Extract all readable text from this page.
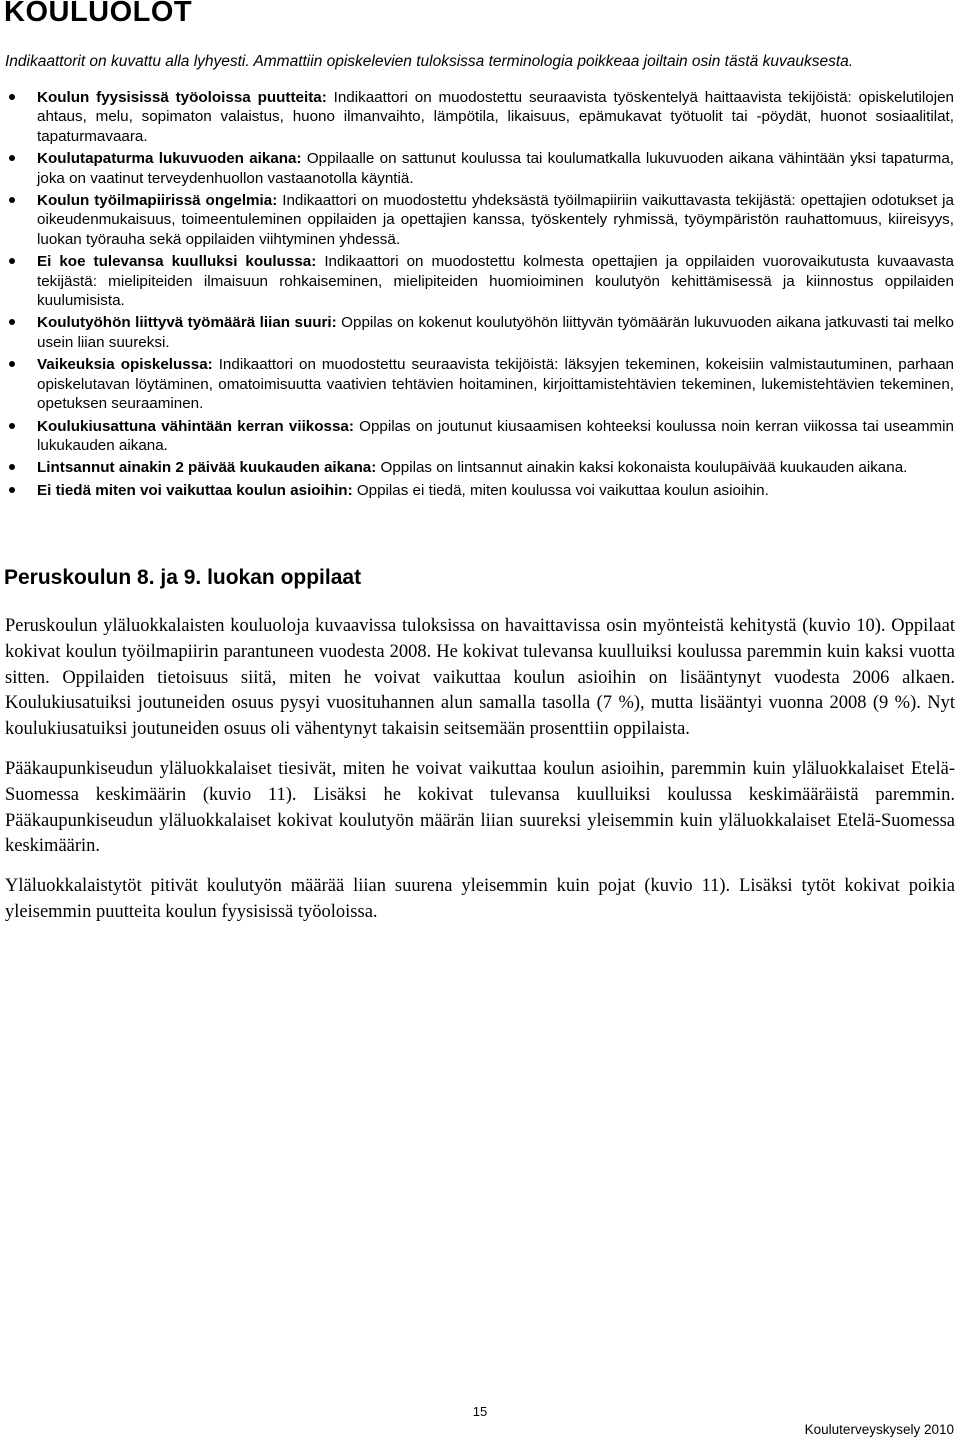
KOULUOLOT

Indikaattorit on kuvattu alla lyhyesti. Ammattiin opiskelevien tuloksissa terminologia poikkeaa joiltain osin tästä kuvauksesta.

Koulun fyysisissä työoloissa puutteita: Indikaattori on muodostettu seuraavista työskentelyä haittaavista tekijöistä: opiskelutilojen ahtaus, melu, sopimaton valaistus, huono ilmanvaihto, lämpötila, likaisuus, epämukavat työtuolit tai -pöydät, huonot sosiaalitilat, tapaturmavaara.
Koulutapaturma lukuvuoden aikana: Oppilaalle on sattunut koulussa tai koulumatkalla lukuvuoden aikana vähintään yksi tapaturma, joka on vaatinut terveydenhuollon vastaanotolla käyntiä.
Koulun työilmapiirissä ongelmia: Indikaattori on muodostettu yhdeksästä työilmapiiriin vaikuttavasta tekijästä: opettajien odotukset ja oikeudenmukaisuus, toimeentuleminen oppilaiden ja opettajien kanssa, työskentely ryhmissä, työympäristön rauhattomuus, kiireisyys, luokan työrauha sekä oppilaiden viihtyminen yhdessä.
Ei koe tulevansa kuulluksi koulussa: Indikaattori on muodostettu kolmesta opettajien ja oppilaiden vuorovaikutusta kuvaavasta tekijästä: mielipiteiden ilmaisuun rohkaiseminen, mielipiteiden huomioiminen koulutyön kehittämisessä ja kiinnostus oppilaiden kuulumisista.
Koulutyöhön liittyvä työmäärä liian suuri: Oppilas on kokenut koulutyöhön liittyvän työmäärän lukuvuoden aikana jatkuvasti tai melko usein liian suureksi.
Vaikeuksia opiskelussa: Indikaattori on muodostettu seuraavista tekijöistä: läksyjen tekeminen, kokeisiin valmistautuminen, parhaan opiskelutavan löytäminen, omatoimisuutta vaativien tehtävien hoitaminen, kirjoittamistehtävien tekeminen, lukemistehtävien tekeminen, opetuksen seuraaminen.
Koulukiusattuna vähintään kerran viikossa: Oppilas on joutunut kiusaamisen kohteeksi koulussa noin kerran viikossa tai useammin lukukauden aikana.
Lintsannut ainakin 2 päivää kuukauden aikana: Oppilas on lintsannut ainakin kaksi kokonaista koulupäivää kuukauden aikana.
Ei tiedä miten voi vaikuttaa koulun asioihin: Oppilas ei tiedä, miten koulussa voi vaikuttaa koulun asioihin.
Peruskoulun 8. ja 9. luokan oppilaat

Peruskoulun yläluokkalaisten kouluoloja kuvaavissa tuloksissa on havaittavissa osin myönteistä kehitystä (kuvio 10). Oppilaat kokivat koulun työilmapiirin parantuneen vuodesta 2008. He kokivat tulevansa kuulluiksi koulussa paremmin kuin kaksi vuotta sitten. Oppilaiden tietoisuus siitä, miten he voivat vaikuttaa koulun asioihin on lisääntynyt vuodesta 2006 alkaen. Koulukiusatuiksi joutuneiden osuus pysyi vuosituhannen alun samalla tasolla (7 %), mutta lisääntyi vuonna 2008 (9 %). Nyt koulukiusatuiksi joutuneiden osuus oli vähentynyt takaisin seitsemään prosenttiin oppilaista.

Pääkaupunkiseudun yläluokkalaiset tiesivät, miten he voivat vaikuttaa koulun asioihin, paremmin kuin yläluokkalaiset Etelä-Suomessa keskimäärin (kuvio 11). Lisäksi he kokivat tulevansa kuulluiksi koulussa keskimääräistä paremmin. Pääkaupunkiseudun yläluokkalaiset kokivat koulutyön määrän liian suureksi yleisemmin kuin yläluokkalaiset Etelä-Suomessa keskimäärin.

Yläluokkalaistytöt pitivät koulutyön määrää liian suurena yleisemmin kuin pojat (kuvio 11). Lisäksi tytöt kokivat poikia yleisemmin puutteita koulun fyysisissä työoloissa.

15
Kouluterveyskysely 2010
